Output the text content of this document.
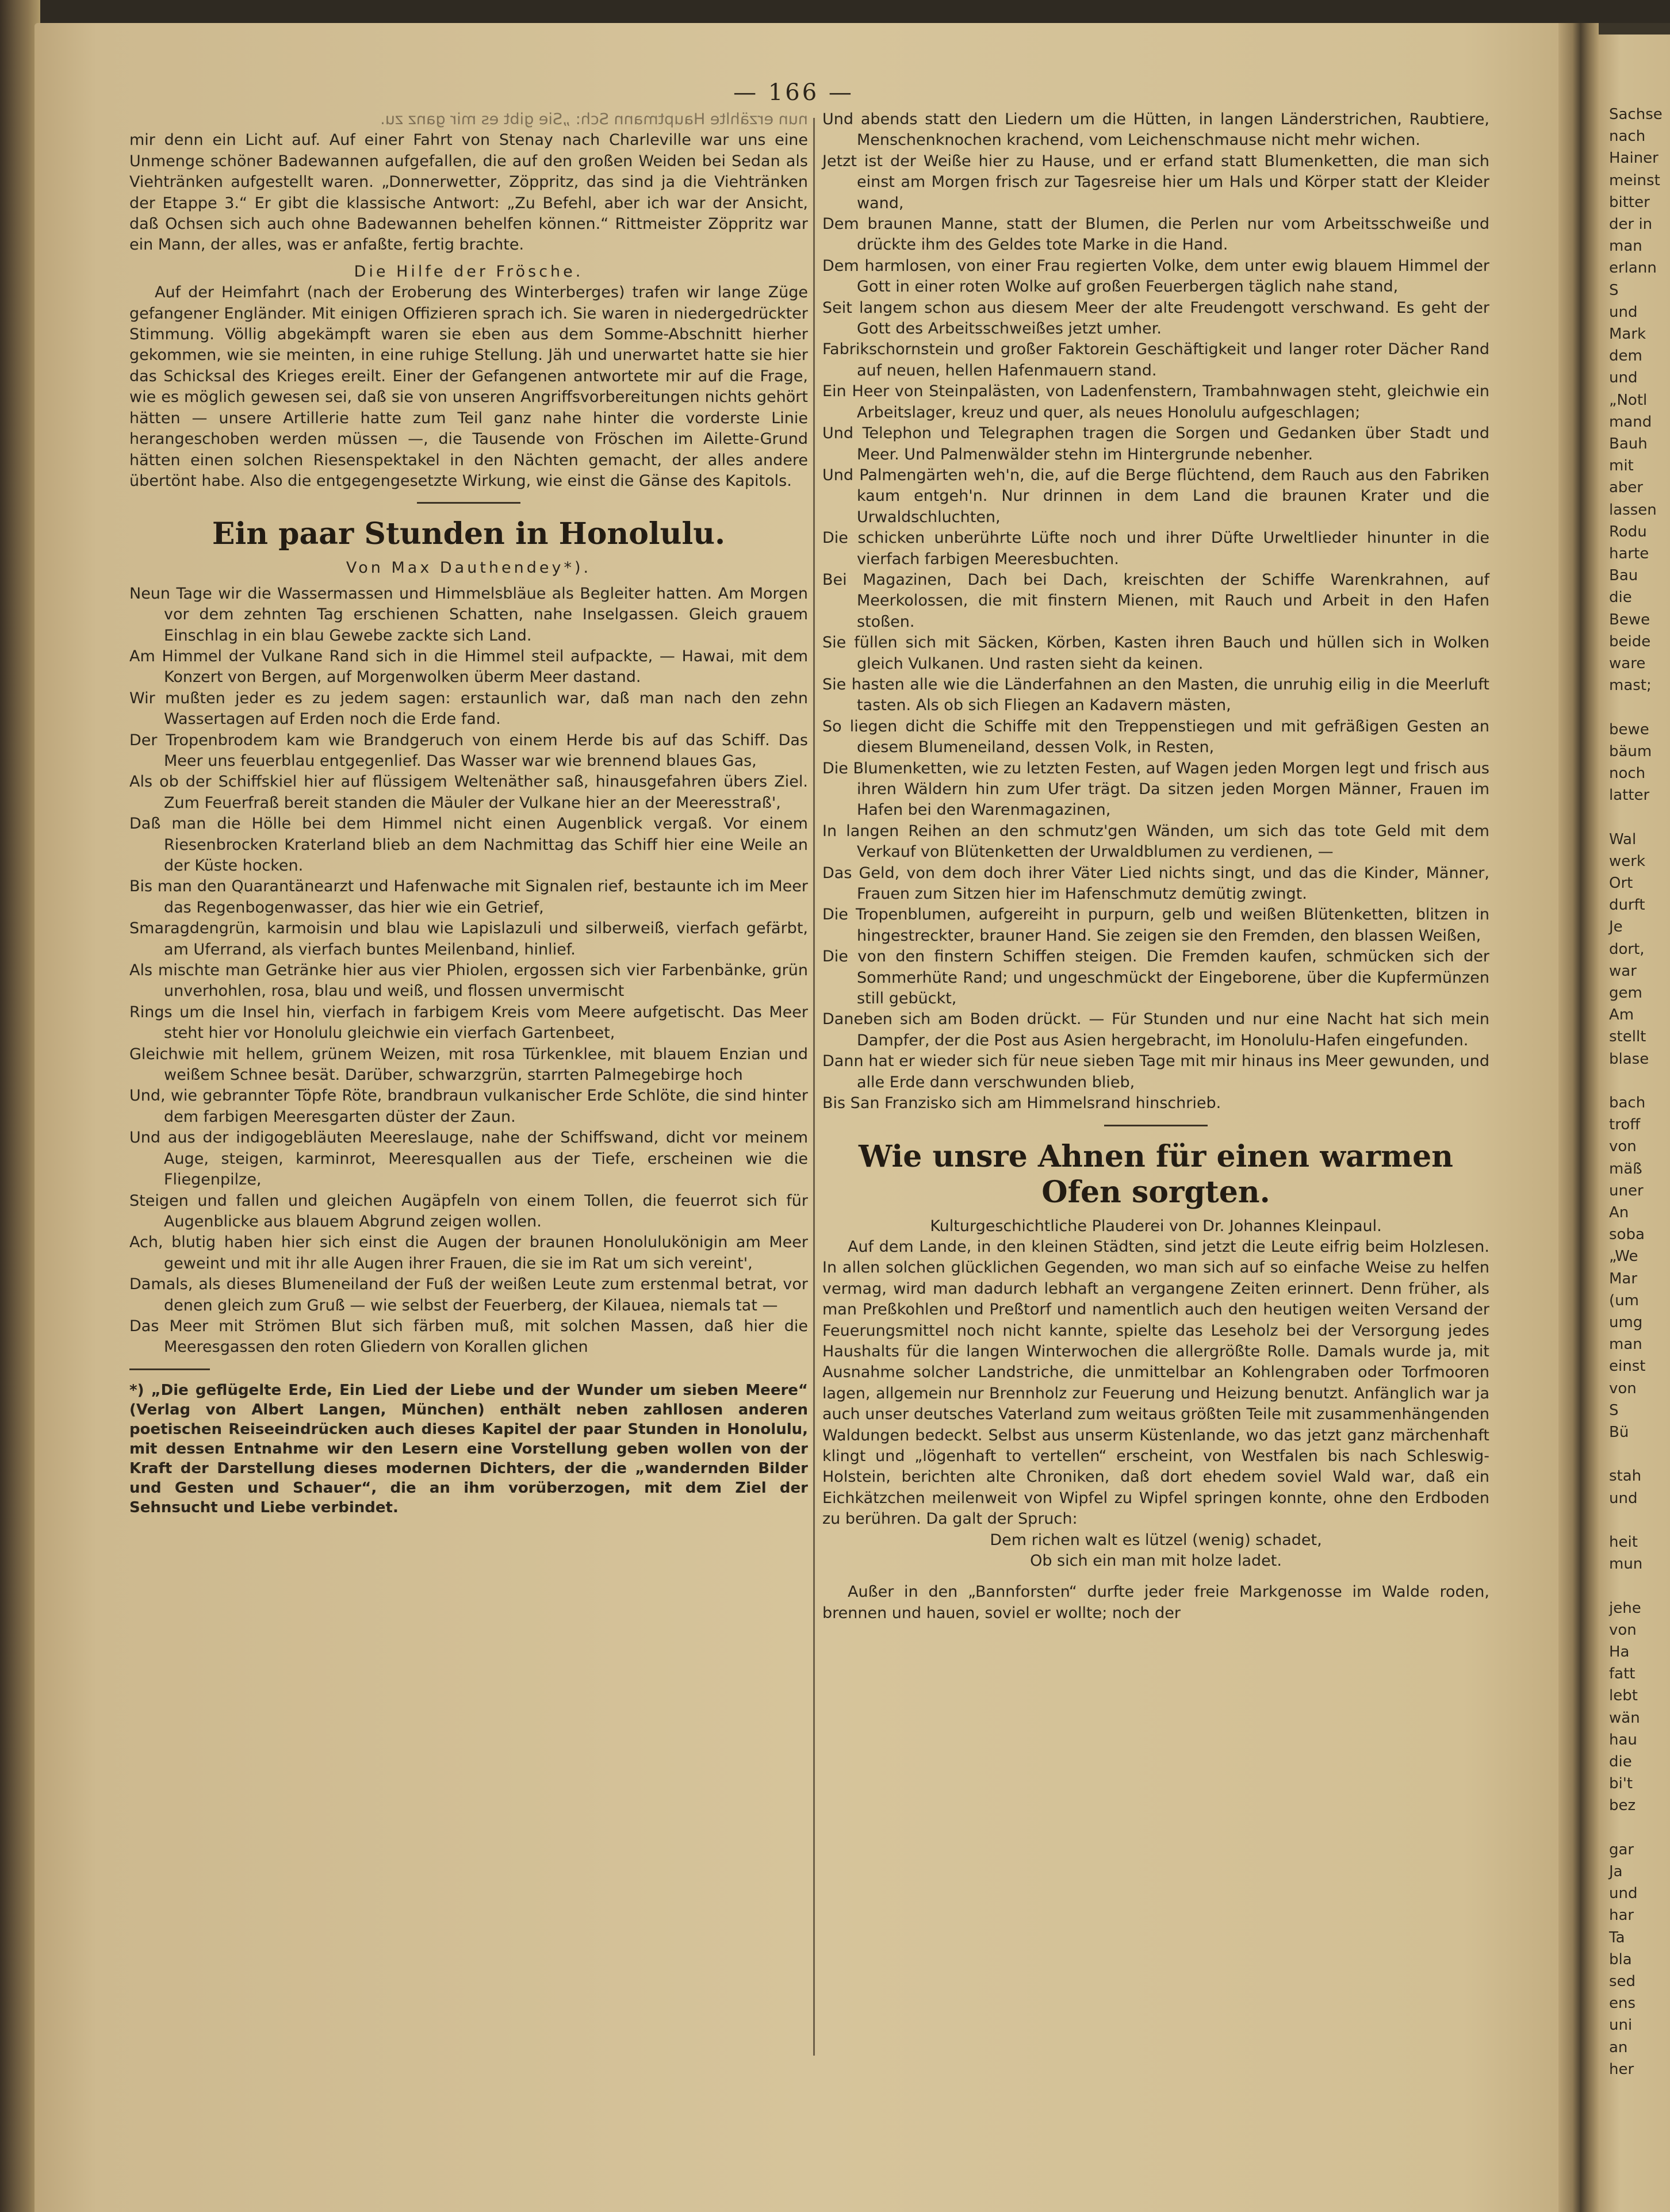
Sachse
nach
Hainer
meinst
bitter
der in
man
erlann
S
und
Mark
dem
und
„Notl
mand
Bauh
mit
aber
lassen
Rodu
harte
Bau
die
Bewe
beide
ware
mast;
bewe
bäum
noch
latter
Wal
werk
Ort
durft
Je
dort,
war
gem
Am
stellt
blase
bach
troff
von
mäß
uner
An
soba
„We
Mar
(um
umg
man
einst
von
S
Bü
stah
und
heit
mun
jehe
von
Ha
fatt
lebt
wän
hau
die
bi't
bez
gar
Ja
und
har
Ta
bla
sed
ens
uni
an
her
— 166 —

nun erzählte Hauptmann Sch: „Sie gibt es mir ganz zu.

mir denn ein Licht auf. Auf einer Fahrt von Stenay nach Charleville war uns eine Unmenge schöner Badewannen aufgefallen, die auf den großen Weiden bei Sedan als Viehtränken aufgestellt waren. „Donnerwetter, Zöppritz, das sind ja die Viehtränken der Etappe 3.“ Er gibt die klassische Antwort: „Zu Befehl, aber ich war der Ansicht, daß Ochsen sich auch ohne Badewannen behelfen können.“ Rittmeister Zöppritz war ein Mann, der alles, was er anfaßte, fertig brachte.

Die Hilfe der Frösche.

Auf der Heimfahrt (nach der Eroberung des Winterberges) trafen wir lange Züge gefangener Engländer. Mit einigen Offizieren sprach ich. Sie waren in niedergedrückter Stimmung. Völlig abgekämpft waren sie eben aus dem Somme-Abschnitt hierher gekommen, wie sie meinten, in eine ruhige Stellung. Jäh und unerwartet hatte sie hier das Schicksal des Krieges ereilt. Einer der Gefangenen antwortete mir auf die Frage, wie es möglich gewesen sei, daß sie von unseren Angriffsvorbereitungen nichts gehört hätten — unsere Artillerie hatte zum Teil ganz nahe hinter die vorderste Linie herangeschoben werden müssen —, die Tausende von Fröschen im Ailette-Grund hätten einen solchen Riesenspektakel in den Nächten gemacht, der alles andere übertönt habe. Also die entgegengesetzte Wirkung, wie einst die Gänse des Kapitols.

Ein paar Stunden in Honolulu.

Von Max Dauthendey*).

Neun Tage wir die Wassermassen und Himmelsbläue als Begleiter hatten. Am Morgen vor dem zehnten Tag erschienen Schatten, nahe Inselgassen. Gleich grauem Einschlag in ein blau Gewebe zackte sich Land.

Am Himmel der Vulkane Rand sich in die Himmel steil aufpackte, — Hawai, mit dem Konzert von Bergen, auf Morgenwolken überm Meer dastand.

Wir mußten jeder es zu jedem sagen: erstaunlich war, daß man nach den zehn Wassertagen auf Erden noch die Erde fand.

Der Tropenbrodem kam wie Brandgeruch von einem Herde bis auf das Schiff. Das Meer uns feuerblau entgegenlief. Das Wasser war wie brennend blaues Gas,

Als ob der Schiffskiel hier auf flüssigem Weltenäther saß, hinausgefahren übers Ziel. Zum Feuerfraß bereit standen die Mäuler der Vulkane hier an der Meeresstraß',

Daß man die Hölle bei dem Himmel nicht einen Augenblick vergaß. Vor einem Riesenbrocken Kraterland blieb an dem Nachmittag das Schiff hier eine Weile an der Küste hocken.

Bis man den Quarantänearzt und Hafenwache mit Signalen rief, bestaunte ich im Meer das Regenbogenwasser, das hier wie ein Getrief,

Smaragdengrün, karmoisin und blau wie Lapislazuli und silberweiß, vierfach gefärbt, am Uferrand, als vierfach buntes Meilenband, hinlief.

Als mischte man Getränke hier aus vier Phiolen, ergossen sich vier Farbenbänke, grün unverhohlen, rosa, blau und weiß, und flossen unvermischt

Rings um die Insel hin, vierfach in farbigem Kreis vom Meere aufgetischt. Das Meer steht hier vor Honolulu gleichwie ein vierfach Gartenbeet,

Gleichwie mit hellem, grünem Weizen, mit rosa Türkenklee, mit blauem Enzian und weißem Schnee besät. Darüber, schwarzgrün, starrten Palmegebirge hoch

Und, wie gebrannter Töpfe Röte, brandbraun vulkanischer Erde Schlöte, die sind hinter dem farbigen Meeresgarten düster der Zaun.

Und aus der indigogebläuten Meereslauge, nahe der Schiffswand, dicht vor meinem Auge, steigen, karminrot, Meeresquallen aus der Tiefe, erscheinen wie die Fliegenpilze,

Steigen und fallen und gleichen Augäpfeln von einem Tollen, die feuerrot sich für Augenblicke aus blauem Abgrund zeigen wollen.

Ach, blutig haben hier sich einst die Augen der braunen Honolulukönigin am Meer geweint und mit ihr alle Augen ihrer Frauen, die sie im Rat um sich vereint',

Damals, als dieses Blumeneiland der Fuß der weißen Leute zum erstenmal betrat, vor denen gleich zum Gruß — wie selbst der Feuerberg, der Kilauea, niemals tat —

Das Meer mit Strömen Blut sich färben muß, mit solchen Massen, daß hier die Meeresgassen den roten Gliedern von Korallen glichen

*) „Die geflügelte Erde, Ein Lied der Liebe und der Wunder um sieben Meere“ (Verlag von Albert Langen, München) enthält neben zahllosen anderen poetischen Reiseeindrücken auch dieses Kapitel der paar Stunden in Honolulu, mit dessen Entnahme wir den Lesern eine Vorstellung geben wollen von der Kraft der Darstellung dieses modernen Dichters, der die „wandernden Bilder und Gesten und Schauer“, die an ihm vorüberzogen, mit dem Ziel der Sehnsucht und Liebe verbindet.

Und abends statt den Liedern um die Hütten, in langen Länderstrichen, Raubtiere, Menschenknochen krachend, vom Leichenschmause nicht mehr wichen.

Jetzt ist der Weiße hier zu Hause, und er erfand statt Blumenketten, die man sich einst am Morgen frisch zur Tagesreise hier um Hals und Körper statt der Kleider wand,

Dem braunen Manne, statt der Blumen, die Perlen nur vom Arbeitsschweiße und drückte ihm des Geldes tote Marke in die Hand.

Dem harmlosen, von einer Frau regierten Volke, dem unter ewig blauem Himmel der Gott in einer roten Wolke auf großen Feuerbergen täglich nahe stand,

Seit langem schon aus diesem Meer der alte Freudengott verschwand. Es geht der Gott des Arbeitsschweißes jetzt umher.

Fabrikschornstein und großer Faktorein Geschäftigkeit und langer roter Dächer Rand auf neuen, hellen Hafenmauern stand.

Ein Heer von Steinpalästen, von Ladenfenstern, Trambahnwagen steht, gleichwie ein Arbeitslager, kreuz und quer, als neues Honolulu aufgeschlagen;

Und Telephon und Telegraphen tragen die Sorgen und Gedanken über Stadt und Meer. Und Palmenwälder stehn im Hintergrunde nebenher.

Und Palmengärten weh'n, die, auf die Berge flüchtend, dem Rauch aus den Fabriken kaum entgeh'n. Nur drinnen in dem Land die braunen Krater und die Urwaldschluchten,

Die schicken unberührte Lüfte noch und ihrer Düfte Urweltlieder hinunter in die vierfach farbigen Meeresbuchten.

Bei Magazinen, Dach bei Dach, kreischten der Schiffe Warenkrahnen, auf Meerkolossen, die mit finstern Mienen, mit Rauch und Arbeit in den Hafen stoßen.

Sie füllen sich mit Säcken, Körben, Kasten ihren Bauch und hüllen sich in Wolken gleich Vulkanen. Und rasten sieht da keinen.

Sie hasten alle wie die Länderfahnen an den Masten, die unruhig eilig in die Meerluft tasten. Als ob sich Fliegen an Kadavern mästen,

So liegen dicht die Schiffe mit den Treppenstiegen und mit gefräßigen Gesten an diesem Blumeneiland, dessen Volk, in Resten,

Die Blumenketten, wie zu letzten Festen, auf Wagen jeden Morgen legt und frisch aus ihren Wäldern hin zum Ufer trägt. Da sitzen jeden Morgen Männer, Frauen im Hafen bei den Warenmagazinen,

In langen Reihen an den schmutz'gen Wänden, um sich das tote Geld mit dem Verkauf von Blütenketten der Urwaldblumen zu verdienen, —

Das Geld, von dem doch ihrer Väter Lied nichts singt, und das die Kinder, Männer, Frauen zum Sitzen hier im Hafenschmutz demütig zwingt.

Die Tropenblumen, aufgereiht in purpurn, gelb und weißen Blütenketten, blitzen in hingestreckter, brauner Hand. Sie zeigen sie den Fremden, den blassen Weißen,

Die von den finstern Schiffen steigen. Die Fremden kaufen, schmücken sich der Sommerhüte Rand; und ungeschmückt der Eingeborene, über die Kupfermünzen still gebückt,

Daneben sich am Boden drückt. — Für Stunden und nur eine Nacht hat sich mein Dampfer, der die Post aus Asien hergebracht, im Honolulu-Hafen eingefunden.

Dann hat er wieder sich für neue sieben Tage mit mir hinaus ins Meer gewunden, und alle Erde dann verschwunden blieb,

Bis San Franzisko sich am Himmelsrand hinschrieb.

Wie unsre Ahnen für einen warmen

Ofen sorgten.

Kulturgeschichtliche Plauderei von Dr. Johannes Kleinpaul.

Auf dem Lande, in den kleinen Städten, sind jetzt die Leute eifrig beim Holzlesen. In allen solchen glücklichen Gegenden, wo man sich auf so einfache Weise zu helfen vermag, wird man dadurch lebhaft an vergangene Zeiten erinnert. Denn früher, als man Preßkohlen und Preßtorf und namentlich auch den heutigen weiten Versand der Feuerungsmittel noch nicht kannte, spielte das Leseholz bei der Versorgung jedes Haushalts für die langen Winterwochen die allergrößte Rolle. Damals wurde ja, mit Ausnahme solcher Landstriche, die unmittelbar an Kohlengraben oder Torfmooren lagen, allgemein nur Brennholz zur Feuerung und Heizung benutzt. Anfänglich war ja auch unser deutsches Vaterland zum weitaus größten Teile mit zusammenhängenden Waldungen bedeckt. Selbst aus unserm Küstenlande, wo das jetzt ganz märchenhaft klingt und „lögenhaft to vertellen“ erscheint, von Westfalen bis nach Schleswig-Holstein, berichten alte Chroniken, daß dort ehedem soviel Wald war, daß ein Eichkätzchen meilenweit von Wipfel zu Wipfel springen konnte, ohne den Erdboden zu berühren. Da galt der Spruch:

Dem richen walt es lützel (wenig) schadet,

Ob sich ein man mit holze ladet.

Außer in den „Bannforsten“ durfte jeder freie Markgenosse im Walde roden, brennen und hauen, soviel er wollte; noch der
